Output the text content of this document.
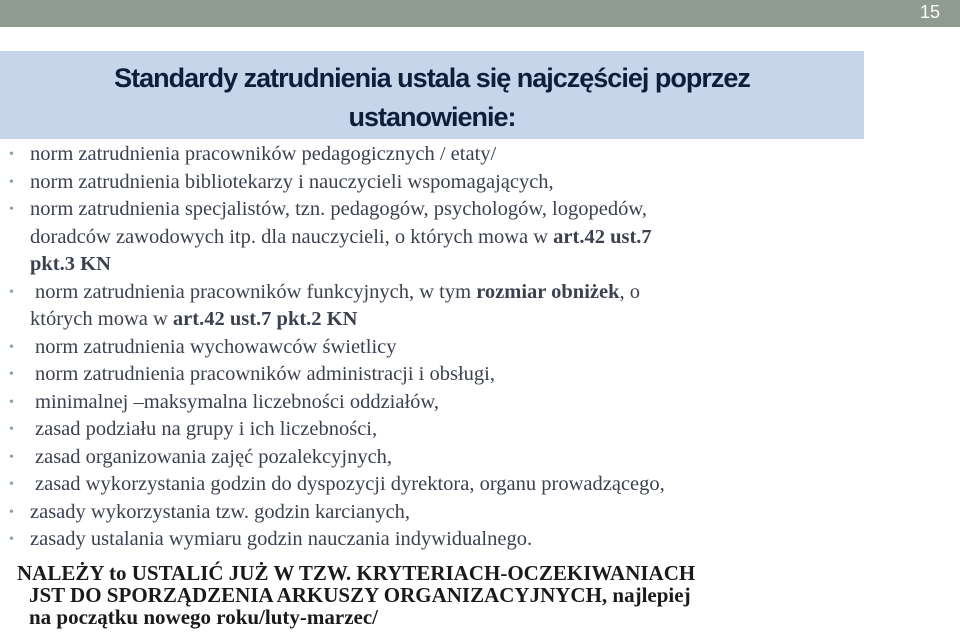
15
Standardy zatrudnienia ustala się najczęściej poprzez
ustanowienie:
• norm zatrudnienia pracowników pedagogicznych / etaty/
• norm zatrudnienia bibliotekarzy i nauczycieli wspomagających,
• norm zatrudnienia specjalistów, tzn. pedagogów, psychologów, logopedów,
doradców zawodowych itp. dla nauczycieli, o których mowa w art.42 ust.7
pkt.3 KN
• norm zatrudnienia pracowników funkcyjnych, w tym rozmiar obniżek, o
których mowa w art.42 ust.7 pkt.2 KN
• norm zatrudnienia wychowawców świetlicy
• norm zatrudnienia pracowników administracji i obsługi,
• minimalnej –maksymalna liczebności oddziałów,
• zasad podziału na grupy i ich liczebności,
• zasad organizowania zajęć pozalekcyjnych,
• zasad wykorzystania godzin do dyspozycji dyrektora, organu prowadzącego,
• zasady wykorzystania tzw. godzin karcianych,
• zasady ustalania wymiaru godzin nauczania indywidualnego.
NALEŻY to USTALIĆ JUŻ W TZW. KRYTERIACH-OCZEKIWANIACH
JST DO SPORZĄDZENIA ARKUSZY ORGANIZACYJNYCH, najlepiej
na początku nowego roku/luty-marzec/
